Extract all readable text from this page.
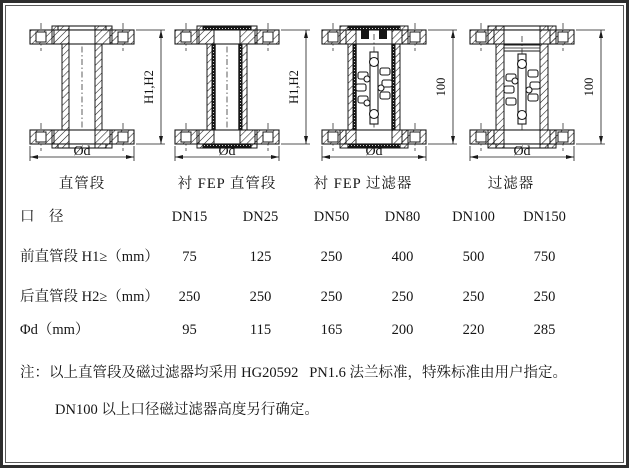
H1,H2
Ød
直管段
H1,H2
Ød
衬 FEP 直管段
100
Ød
衬 FEP 过滤器
100
Ød
过滤器
口    径	DN15	DN25	DN50	DN80	DN100	DN150
前直管段 H1≥（mm）	75	125	250	400	500	750
后直管段 H2≥（mm）	250	250	250	250	250	250
Φd（mm）	95	115	165	200	220	285
注：以上直管段及磁过滤器均采用 HG20592   PN1.6 法兰标准，特殊标准由用户指定。
DN100 以上口径磁过滤器高度另行确定。
